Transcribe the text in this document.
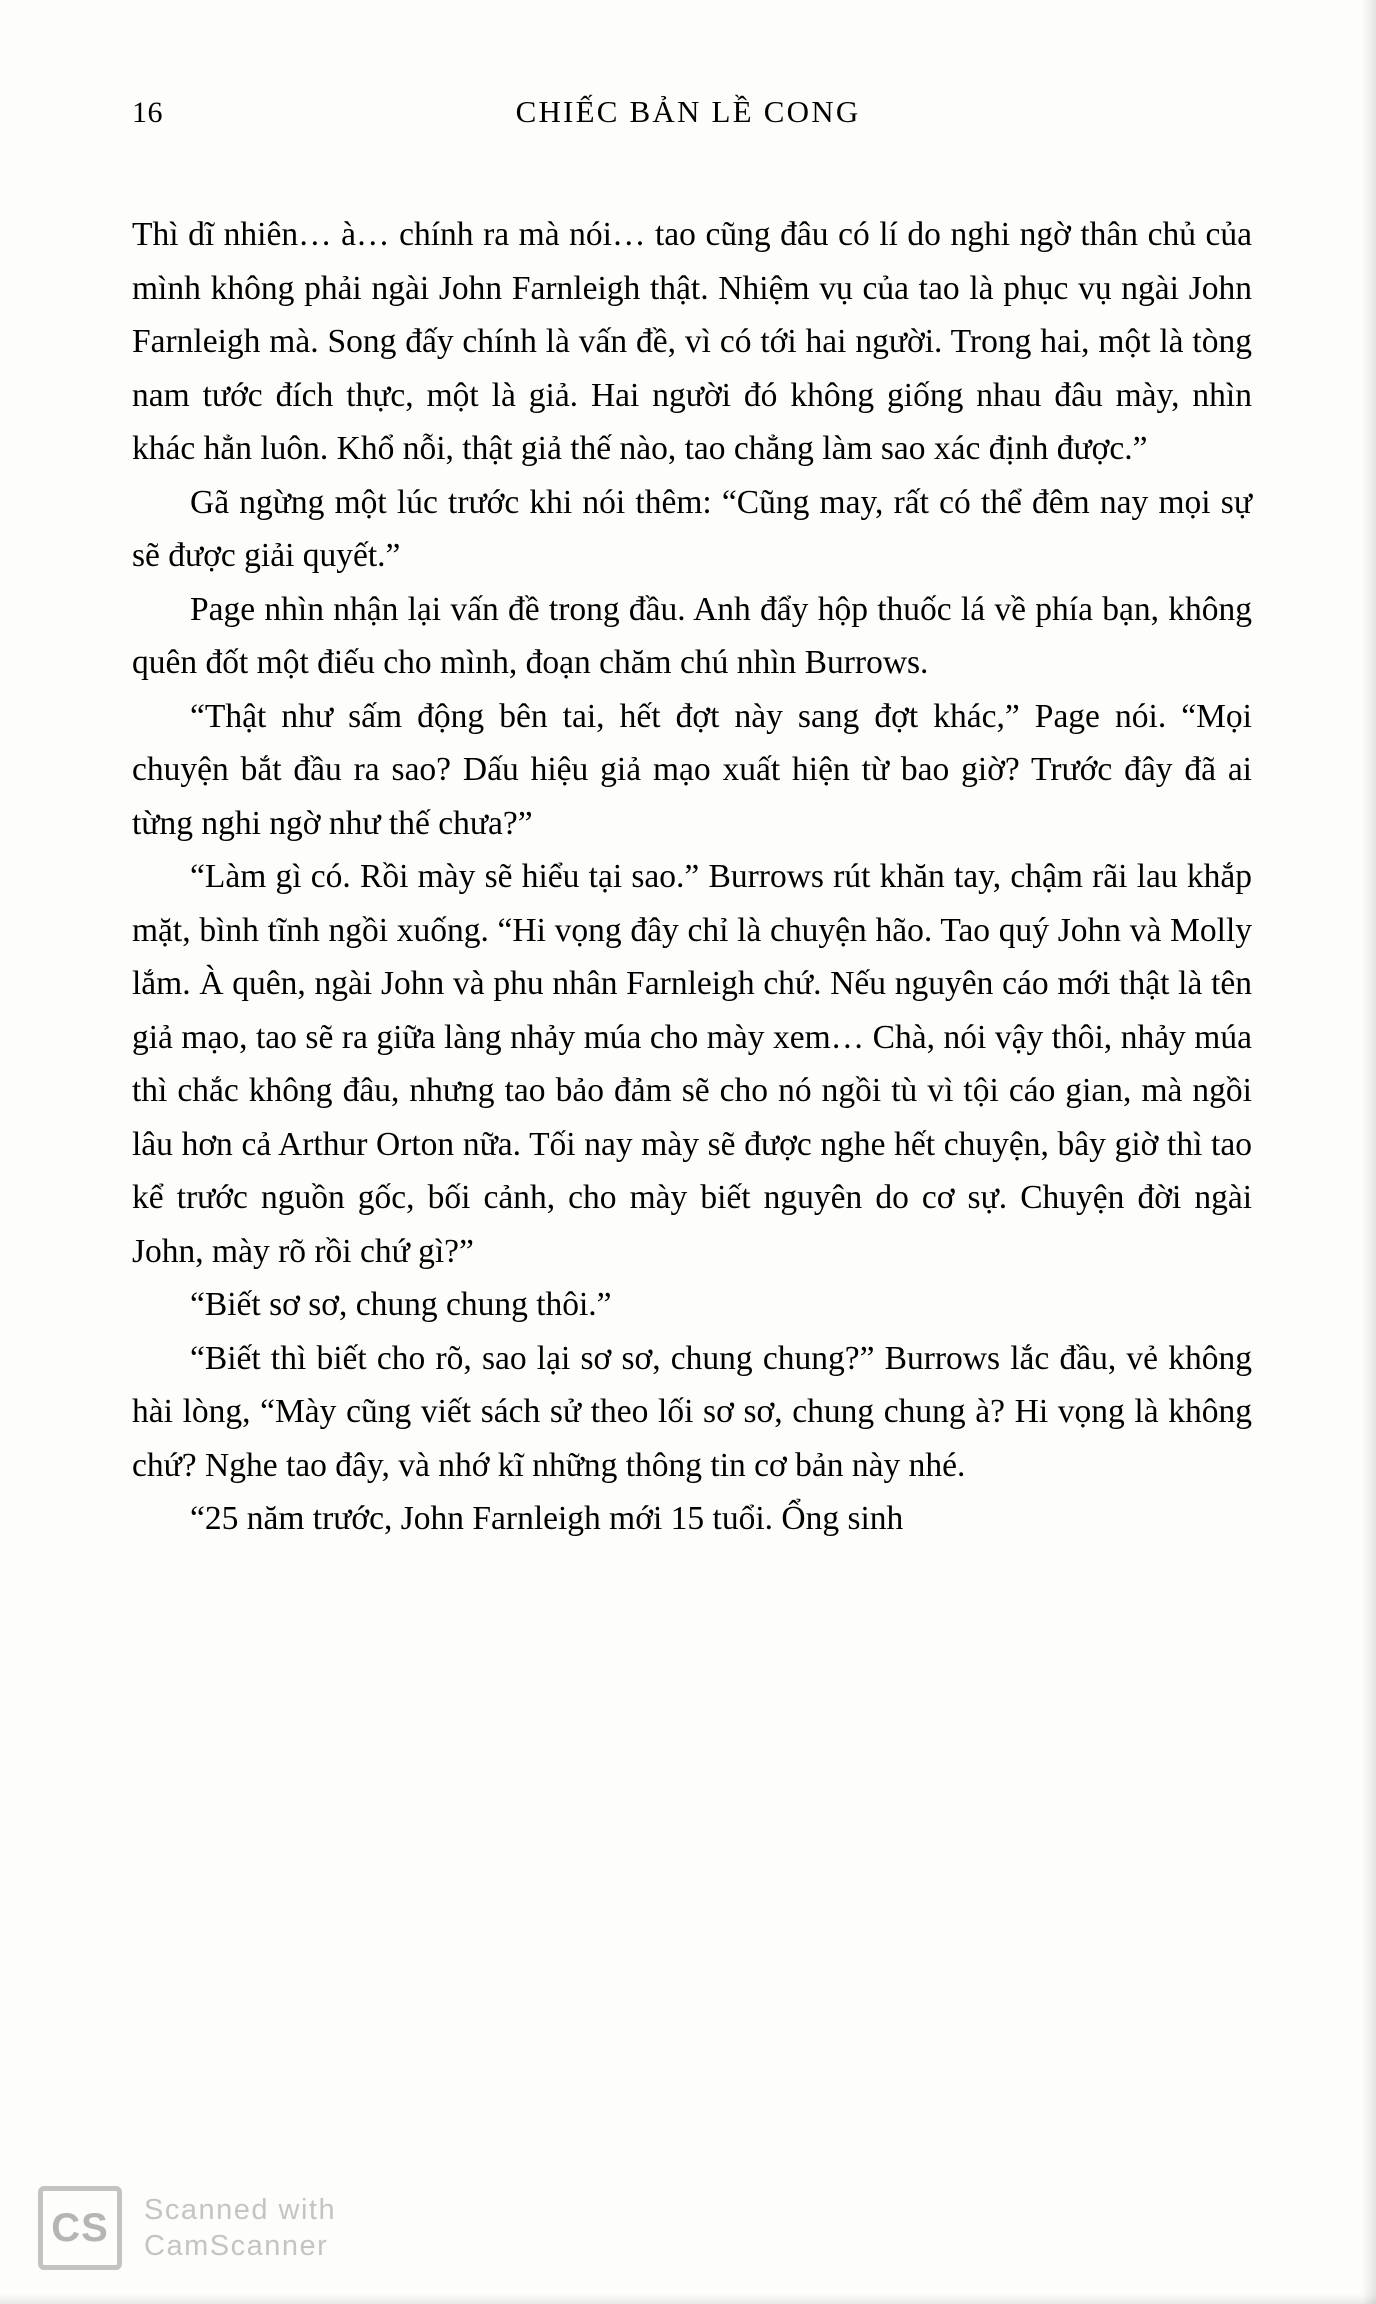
16	CHIẾC BẢN LỀ CONG

Thì dĩ nhiên… à… chính ra mà nói… tao cũng đâu có lí do nghi ngờ thân chủ của mình không phải ngài John Farnleigh thật. Nhiệm vụ của tao là phục vụ ngài John Farnleigh mà. Song đấy chính là vấn đề, vì có tới hai người. Trong hai, một là tòng nam tước đích thực, một là giả. Hai người đó không giống nhau đâu mày, nhìn khác hẳn luôn. Khổ nỗi, thật giả thế nào, tao chẳng làm sao xác định được.”

Gã ngừng một lúc trước khi nói thêm: “Cũng may, rất có thể đêm nay mọi sự sẽ được giải quyết.”

Page nhìn nhận lại vấn đề trong đầu. Anh đẩy hộp thuốc lá về phía bạn, không quên đốt một điếu cho mình, đoạn chăm chú nhìn Burrows.

“Thật như sấm động bên tai, hết đợt này sang đợt khác,” Page nói. “Mọi chuyện bắt đầu ra sao? Dấu hiệu giả mạo xuất hiện từ bao giờ? Trước đây đã ai từng nghi ngờ như thế chưa?”

“Làm gì có. Rồi mày sẽ hiểu tại sao.” Burrows rút khăn tay, chậm rãi lau khắp mặt, bình tĩnh ngồi xuống. “Hi vọng đây chỉ là chuyện hão. Tao quý John và Molly lắm. À quên, ngài John và phu nhân Farnleigh chứ. Nếu nguyên cáo mới thật là tên giả mạo, tao sẽ ra giữa làng nhảy múa cho mày xem… Chà, nói vậy thôi, nhảy múa thì chắc không đâu, nhưng tao bảo đảm sẽ cho nó ngồi tù vì tội cáo gian, mà ngồi lâu hơn cả Arthur Orton nữa. Tối nay mày sẽ được nghe hết chuyện, bây giờ thì tao kể trước nguồn gốc, bối cảnh, cho mày biết nguyên do cơ sự. Chuyện đời ngài John, mày rõ rồi chứ gì?”

“Biết sơ sơ, chung chung thôi.”

“Biết thì biết cho rõ, sao lại sơ sơ, chung chung?” Burrows lắc đầu, vẻ không hài lòng, “Mày cũng viết sách sử theo lối sơ sơ, chung chung à? Hi vọng là không chứ? Nghe tao đây, và nhớ kĩ những thông tin cơ bản này nhé.

“25 năm trước, John Farnleigh mới 15 tuổi. Ổng sinh

CS	Scanned with
CamScanner
